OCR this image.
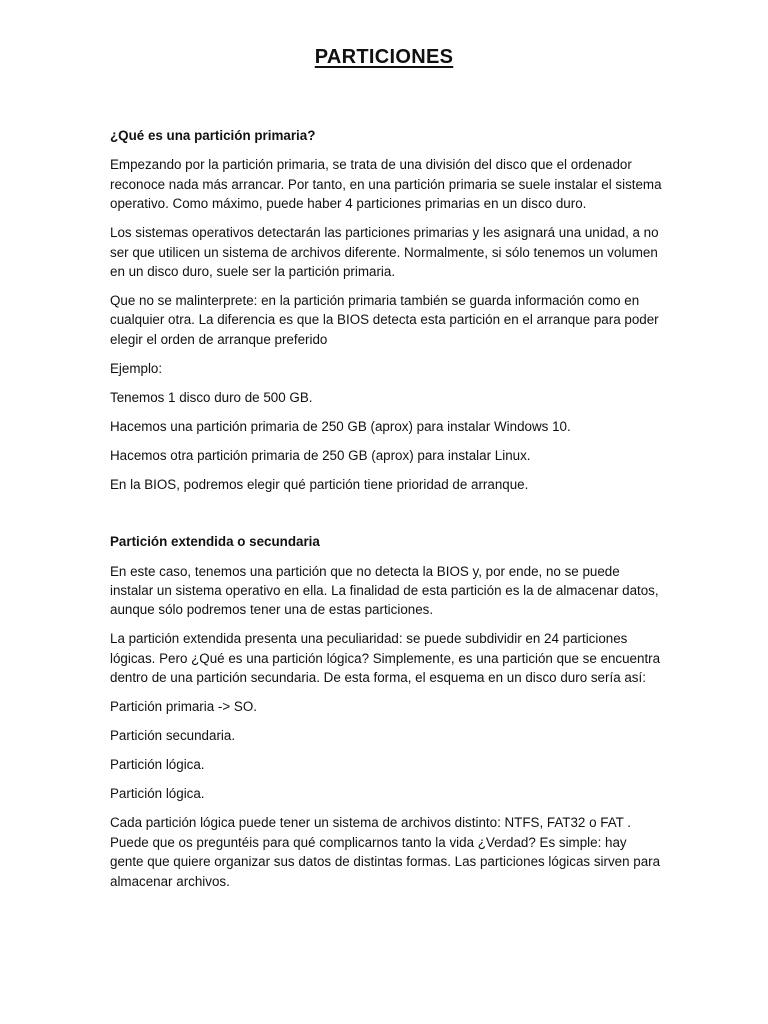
PARTICIONES

¿Qué es una partición primaria?

Empezando por la partición primaria, se trata de una división del disco que el ordenador reconoce nada más arrancar. Por tanto, en una partición primaria se suele instalar el sistema operativo. Como máximo, puede haber 4 particiones primarias en un disco duro.

Los sistemas operativos detectarán las particiones primarias y les asignará una unidad, a no ser que utilicen un sistema de archivos diferente. Normalmente, si sólo tenemos un volumen en un disco duro, suele ser la partición primaria.

Que no se malinterprete: en la partición primaria también se guarda información como en cualquier otra. La diferencia es que la BIOS detecta esta partición en el arranque para poder elegir el orden de arranque preferido

Ejemplo:

Tenemos 1 disco duro de 500 GB.

Hacemos una partición primaria de 250 GB (aprox) para instalar Windows 10.

Hacemos otra partición primaria de 250 GB (aprox) para instalar Linux.

En la BIOS, podremos elegir qué partición tiene prioridad de arranque.

Partición extendida o secundaria

En este caso, tenemos una partición que no detecta la BIOS y, por ende, no se puede instalar un sistema operativo en ella. La finalidad de esta partición es la de almacenar datos, aunque sólo podremos tener una de estas particiones.

La partición extendida presenta una peculiaridad: se puede subdividir en 24 particiones lógicas. Pero ¿Qué es una partición lógica? Simplemente, es una partición que se encuentra dentro de una partición secundaria. De esta forma, el esquema en un disco duro sería así:

Partición primaria -> SO.

Partición secundaria.

Partición lógica.

Partición lógica.

Cada partición lógica puede tener un sistema de archivos distinto: NTFS, FAT32 o FAT . Puede que os preguntéis para qué complicarnos tanto la vida ¿Verdad? Es simple: hay gente que quiere organizar sus datos de distintas formas. Las particiones lógicas sirven para almacenar archivos.
